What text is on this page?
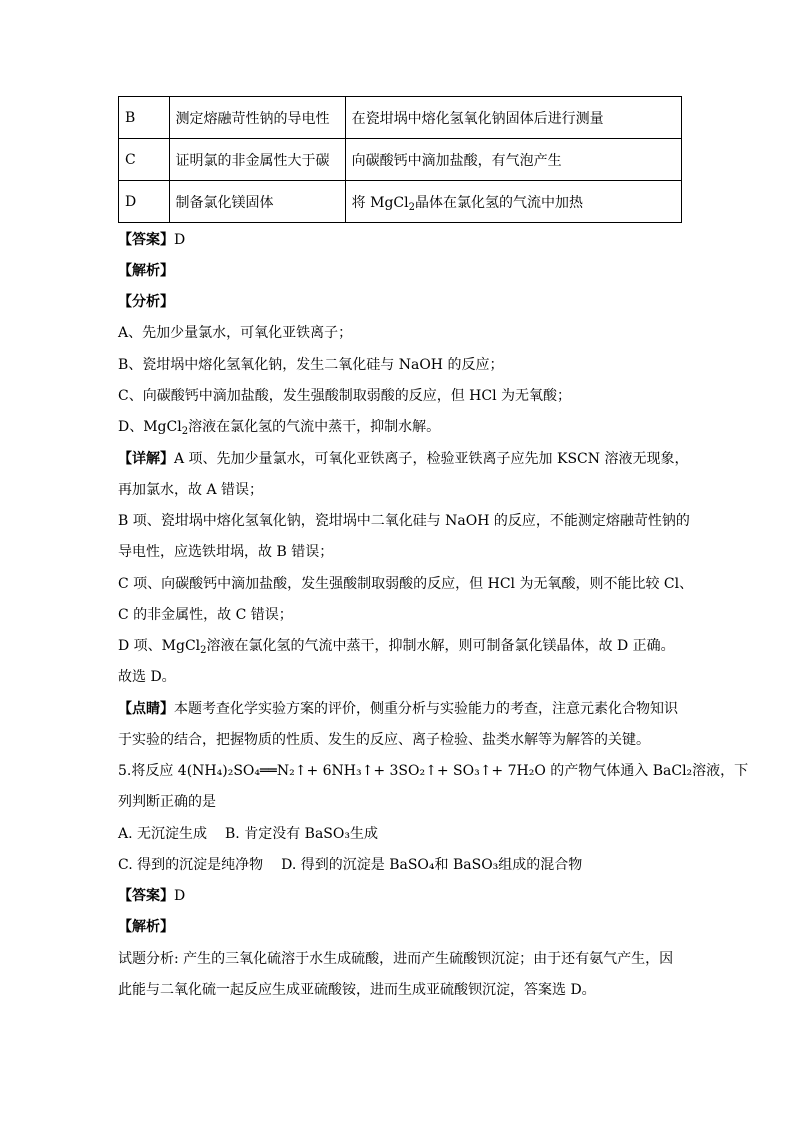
B	测定熔融苛性钠的导电性	在瓷坩埚中熔化氢氧化钠固体后进行测量
C	证明氯的非金属性大于碳	向碳酸钙中滴加盐酸，有气泡产生
D	制备氯化镁固体	将 MgCl$_2$晶体在氯化氢的气流中加热
【答案】D
【解析】
【分析】
A、先加少量氯水，可氧化亚铁离子；
B、瓷坩埚中熔化氢氧化钠，发生二氧化硅与 NaOH 的反应；
C、向碳酸钙中滴加盐酸，发生强酸制取弱酸的反应，但 HCl 为无氧酸；
D、MgCl$_2$溶液在氯化氢的气流中蒸干，抑制水解。
【详解】A 项、先加少量氯水，可氧化亚铁离子，检验亚铁离子应先加 KSCN 溶液无现象，
再加氯水，故 A 错误；
B 项、瓷坩埚中熔化氢氧化钠，瓷坩埚中二氧化硅与 NaOH 的反应，不能测定熔融苛性钠的
导电性，应选铁坩埚，故 B 错误；
C 项、向碳酸钙中滴加盐酸，发生强酸制取弱酸的反应，但 HCl 为无氧酸，则不能比较 Cl、
C 的非金属性，故 C 错误；
D 项、MgCl$_2$溶液在氯化氢的气流中蒸干，抑制水解，则可制备氯化镁晶体，故 D 正确。
故选 D。
【点睛】本题考查化学实验方案的评价，侧重分析与实验能力的考查，注意元素化合物知识
于实验的结合，把握物质的性质、发生的反应、离子检验、盐类水解等为解答的关键。
5.将反应 4(NH₄)₂SO₄══N₂↑+ 6NH₃↑+ 3SO₂↑+ SO₃↑+ 7H₂O 的产物气体通入 BaCl₂溶液，下
列判断正确的是
A. 无沉淀生成 B. 肯定没有 BaSO₃生成
C. 得到的沉淀是纯净物 D. 得到的沉淀是 BaSO₄和 BaSO₃组成的混合物
【答案】D
【解析】
试题分析: 产生的三氧化硫溶于水生成硫酸，进而产生硫酸钡沉淀；由于还有氨气产生，因
此能与二氧化硫一起反应生成亚硫酸铵，进而生成亚硫酸钡沉淀，答案选 D。
